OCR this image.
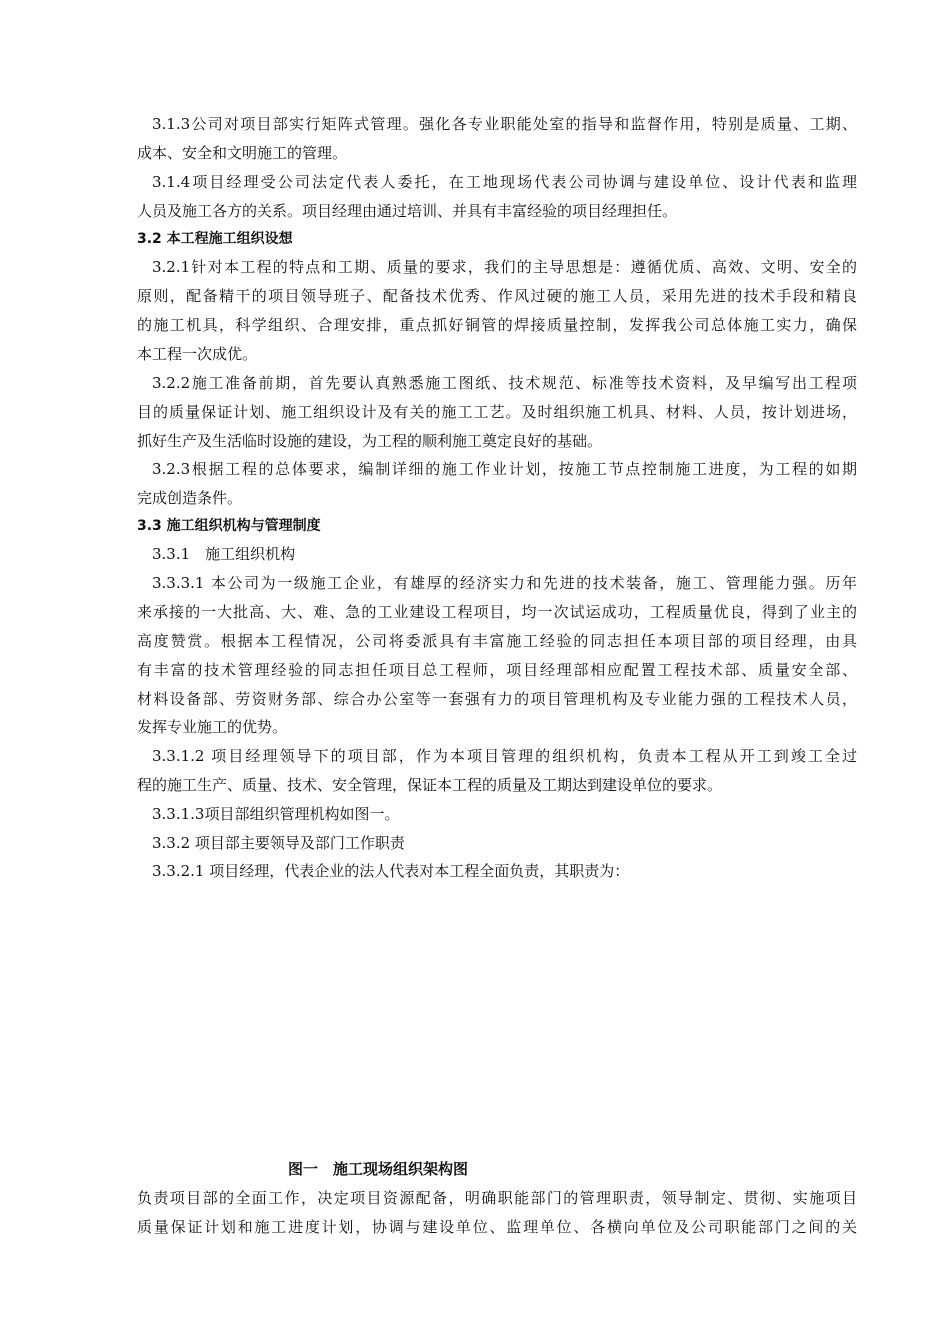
3.1.3公司对项目部实行矩阵式管理。强化各专业职能处室的指导和监督作用，特别是质量、工期、
成本、安全和文明施工的管理。
3.1.4项目经理受公司法定代表人委托，在工地现场代表公司协调与建设单位、设计代表和监理
人员及施工各方的关系。项目经理由通过培训、并具有丰富经验的项目经理担任。
3.2 本工程施工组织设想
3.2.1针对本工程的特点和工期、质量的要求，我们的主导思想是：遵循优质、高效、文明、安全的
原则，配备精干的项目领导班子、配备技术优秀、作风过硬的施工人员，采用先进的技术手段和精良
的施工机具，科学组织、合理安排，重点抓好铜管的焊接质量控制，发挥我公司总体施工实力，确保
本工程一次成优。
3.2.2施工准备前期，首先要认真熟悉施工图纸、技术规范、标准等技术资料，及早编写出工程项
目的质量保证计划、施工组织设计及有关的施工工艺。及时组织施工机具、材料、人员，按计划进场，
抓好生产及生活临时设施的建设，为工程的顺利施工奠定良好的基础。
3.2.3根据工程的总体要求，编制详细的施工作业计划，按施工节点控制施工进度，为工程的如期
完成创造条件。
3.3 施工组织机构与管理制度
3.3.1　施工组织机构
3.3.3.1 本公司为一级施工企业，有雄厚的经济实力和先进的技术装备，施工、管理能力强。历年
来承接的一大批高、大、难、急的工业建设工程项目，均一次试运成功，工程质量优良，得到了业主的
高度赞赏。根据本工程情况，公司将委派具有丰富施工经验的同志担任本项目部的项目经理，由具
有丰富的技术管理经验的同志担任项目总工程师，项目经理部相应配置工程技术部、质量安全部、
材料设备部、劳资财务部、综合办公室等一套强有力的项目管理机构及专业能力强的工程技术人员，
发挥专业施工的优势。
3.3.1.2 项目经理领导下的项目部，作为本项目管理的组织机构，负责本工程从开工到竣工全过
程的施工生产、质量、技术、安全管理，保证本工程的质量及工期达到建设单位的要求。
3.3.1.3项目部组织管理机构如图一。
3.3.2 项目部主要领导及部门工作职责
3.3.2.1 项目经理，代表企业的法人代表对本工程全面负责，其职责为：
图一　施工现场组织架构图
负责项目部的全面工作，决定项目资源配备，明确职能部门的管理职责，领导制定、贯彻、实施项目
质量保证计划和施工进度计划，协调与建设单位、监理单位、各横向单位及公司职能部门之间的关
